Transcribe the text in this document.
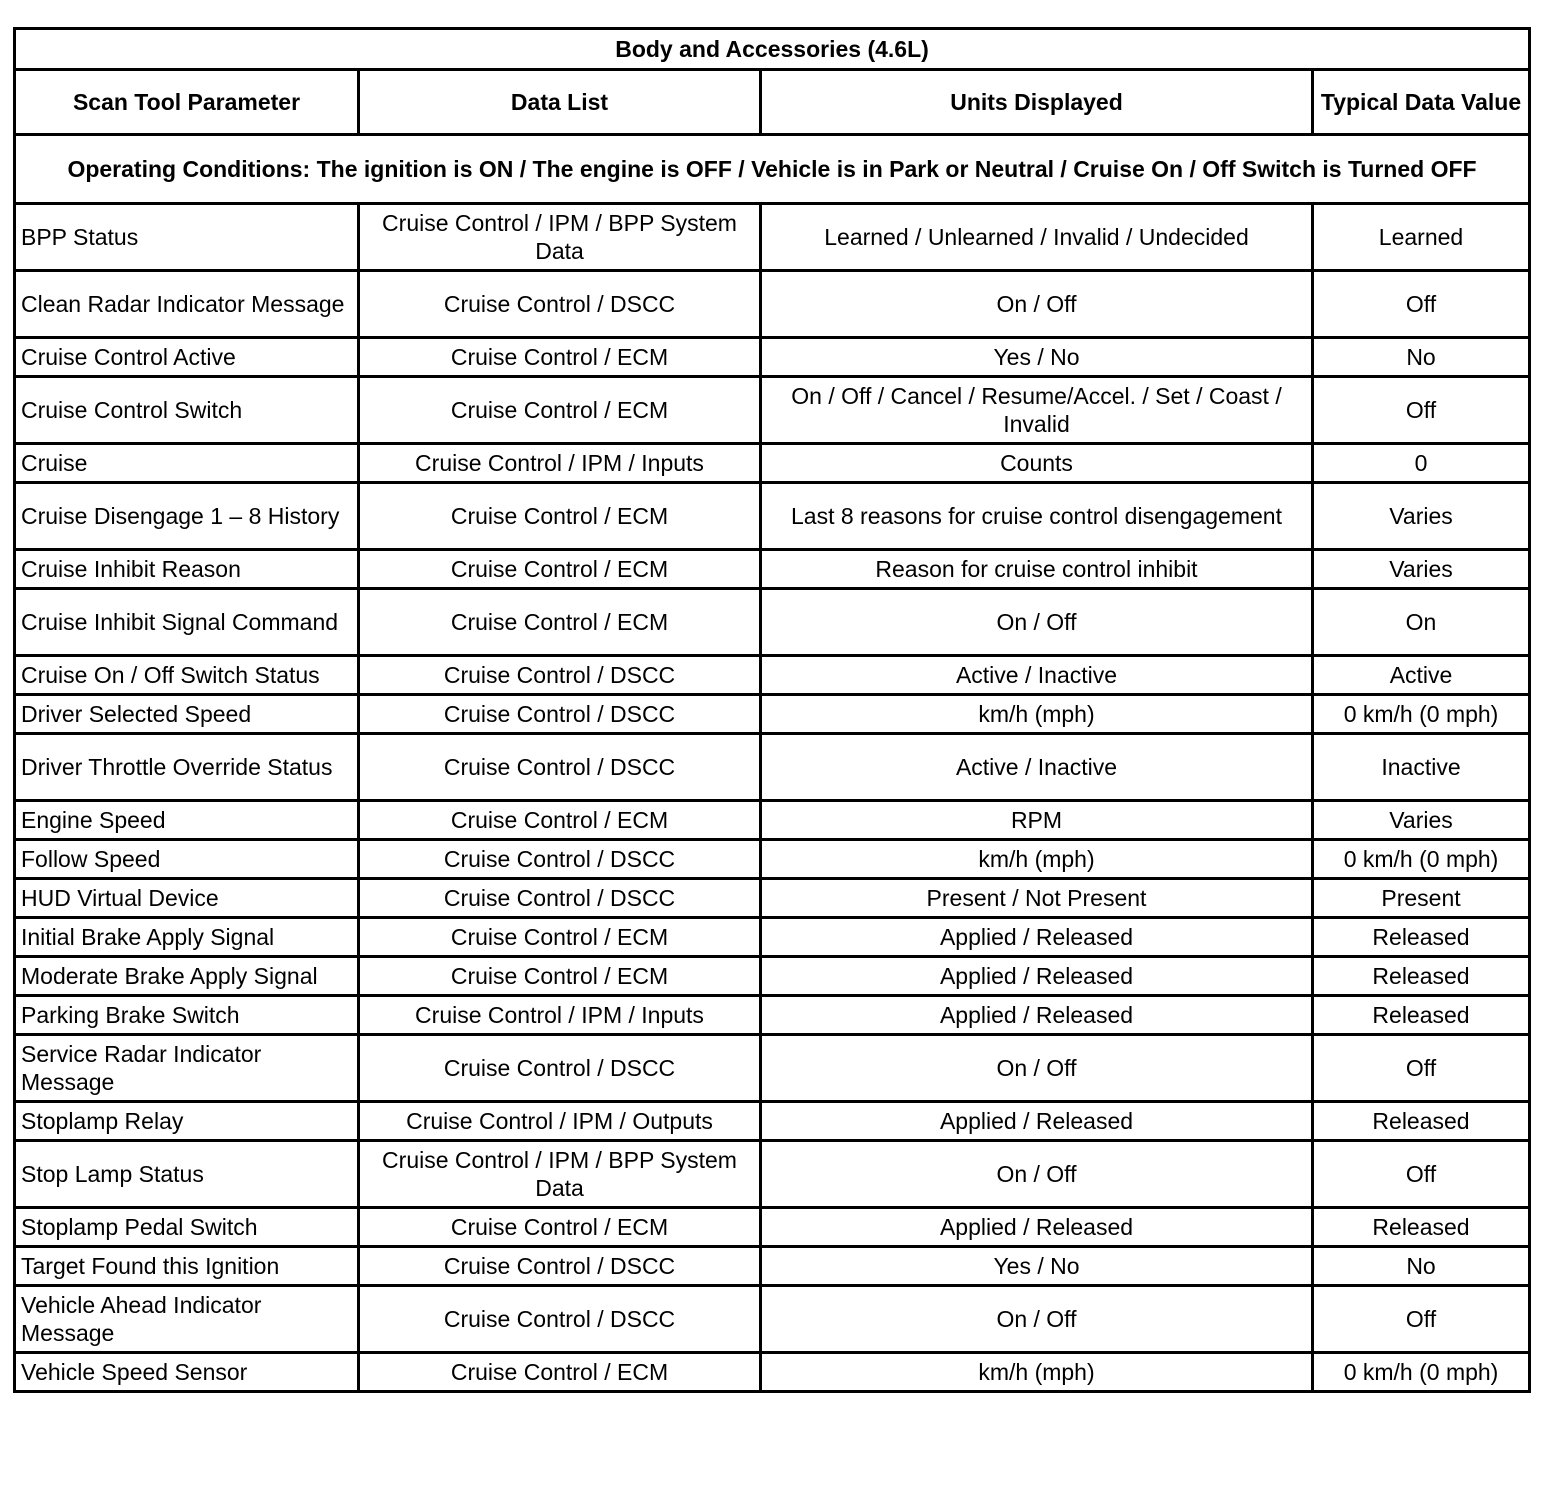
Body and Accessories (4.6L)			
Scan Tool Parameter	Data List	Units Displayed	Typical Data Value
Operating Conditions: The ignition is ON / The engine is OFF / Vehicle is in Park or Neutral / Cruise On / Off Switch is Turned OFF			
BPP Status	Cruise Control / IPM / BPP System Data	Learned / Unlearned / Invalid / Undecided	Learned
Clean Radar Indicator Message	Cruise Control / DSCC	On / Off	Off
Cruise Control Active	Cruise Control / ECM	Yes / No	No
Cruise Control Switch	Cruise Control / ECM	On / Off / Cancel / Resume/Accel. / Set / Coast / Invalid	Off
Cruise	Cruise Control / IPM / Inputs	Counts	0
Cruise Disengage 1 – 8 History	Cruise Control / ECM	Last 8 reasons for cruise control disengagement	Varies
Cruise Inhibit Reason	Cruise Control / ECM	Reason for cruise control inhibit	Varies
Cruise Inhibit Signal Command	Cruise Control / ECM	On / Off	On
Cruise On / Off Switch Status	Cruise Control / DSCC	Active / Inactive	Active
Driver Selected Speed	Cruise Control / DSCC	km/h (mph)	0 km/h (0 mph)
Driver Throttle Override Status	Cruise Control / DSCC	Active / Inactive	Inactive
Engine Speed	Cruise Control / ECM	RPM	Varies
Follow Speed	Cruise Control / DSCC	km/h (mph)	0 km/h (0 mph)
HUD Virtual Device	Cruise Control / DSCC	Present / Not Present	Present
Initial Brake Apply Signal	Cruise Control / ECM	Applied / Released	Released
Moderate Brake Apply Signal	Cruise Control / ECM	Applied / Released	Released
Parking Brake Switch	Cruise Control / IPM / Inputs	Applied / Released	Released
Service Radar Indicator Message	Cruise Control / DSCC	On / Off	Off
Stoplamp Relay	Cruise Control / IPM / Outputs	Applied / Released	Released
Stop Lamp Status	Cruise Control / IPM / BPP System Data	On / Off	Off
Stoplamp Pedal Switch	Cruise Control / ECM	Applied / Released	Released
Target Found this Ignition	Cruise Control / DSCC	Yes / No	No
Vehicle Ahead Indicator Message	Cruise Control / DSCC	On / Off	Off
Vehicle Speed Sensor	Cruise Control / ECM	km/h (mph)	0 km/h (0 mph)
